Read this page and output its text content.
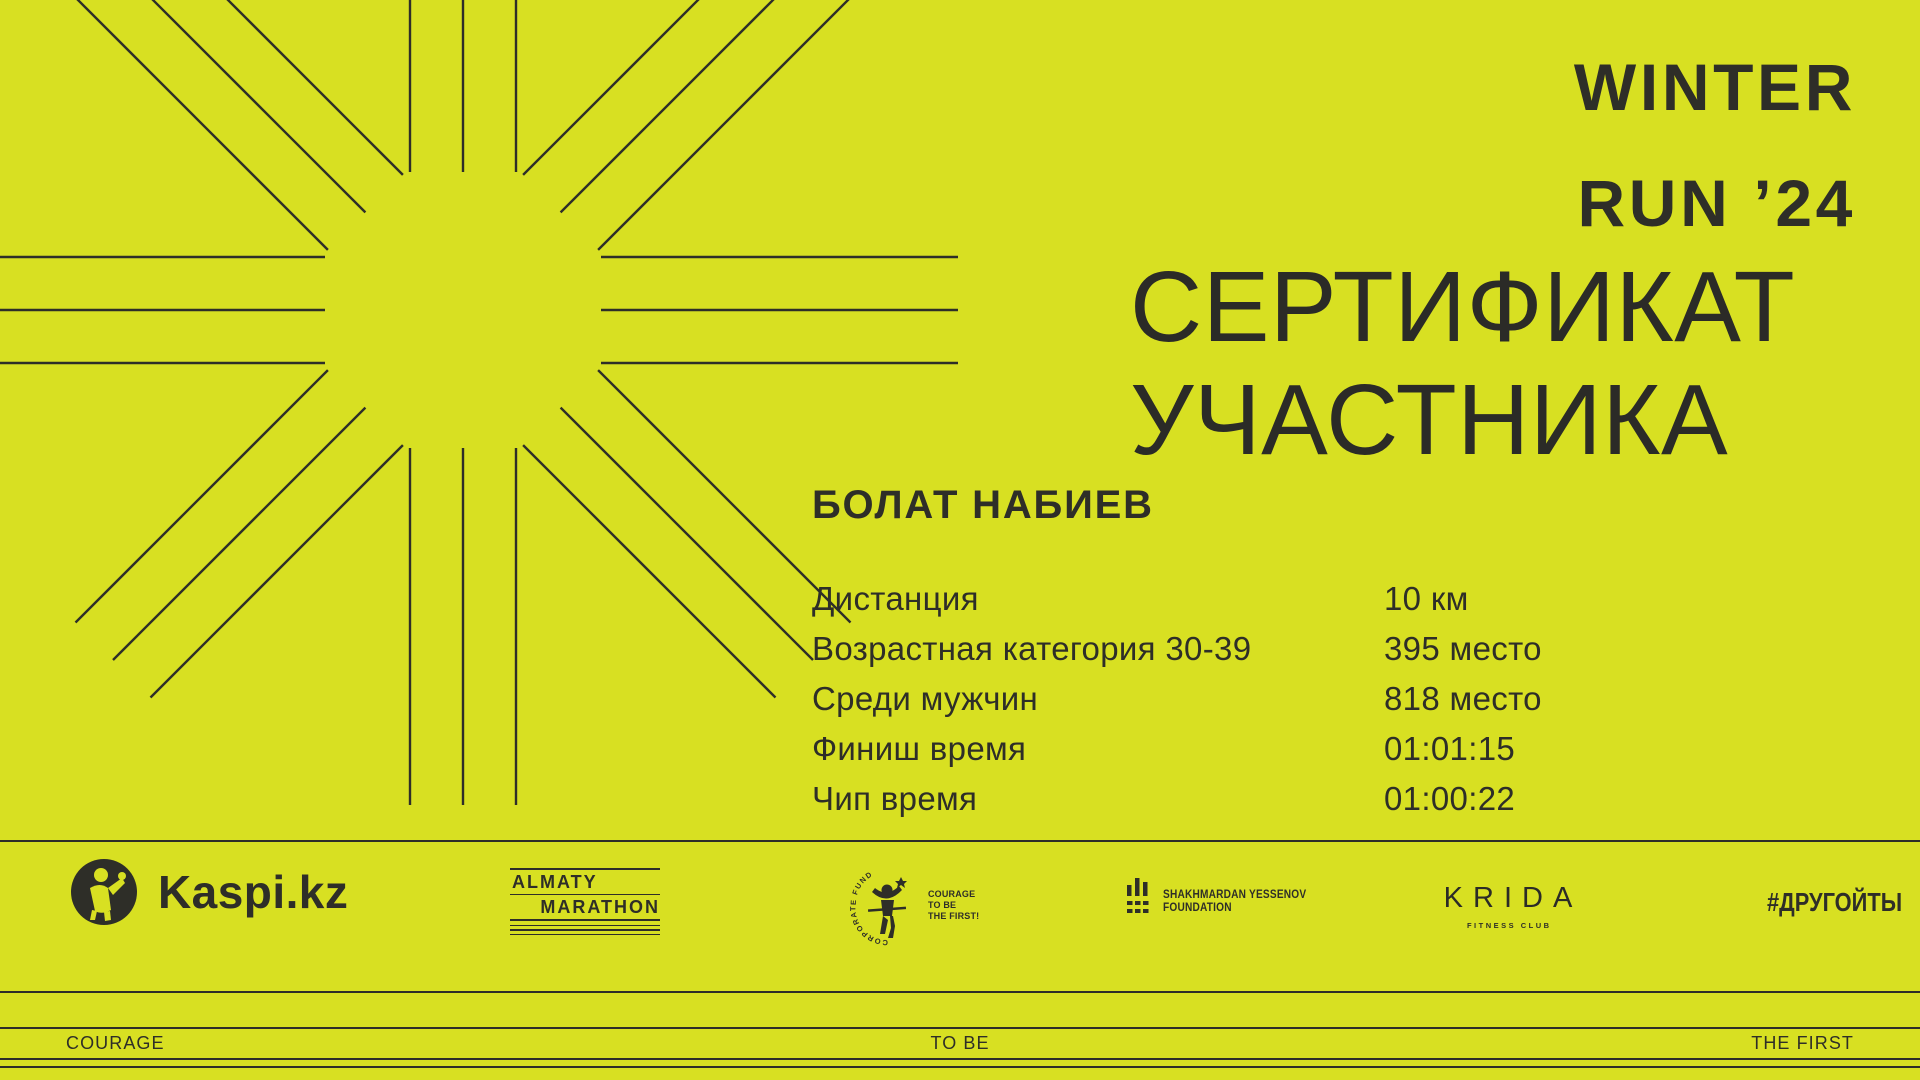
WINTER

RUN ’24
СЕРТИФИКАТ
УЧАСТНИКА
БОЛАТ НАБИЕВ
Дистанция	10 км
Возрастная категория 30-39	395 место
Среди мужчин	818 место
Финиш время	01:01:15
Чип время	01:00:22
Kaspi.kz	ALMATY
MARATHON
CORPORATE FUND
COURAGE
TO BE
THE FIRST!
SHAKHMARDAN YESSENOV
FOUNDATION	KRIDA
FITNESS CLUB
#ДРУГОЙТЫ
COURAGE	TO BE	THE FIRST
